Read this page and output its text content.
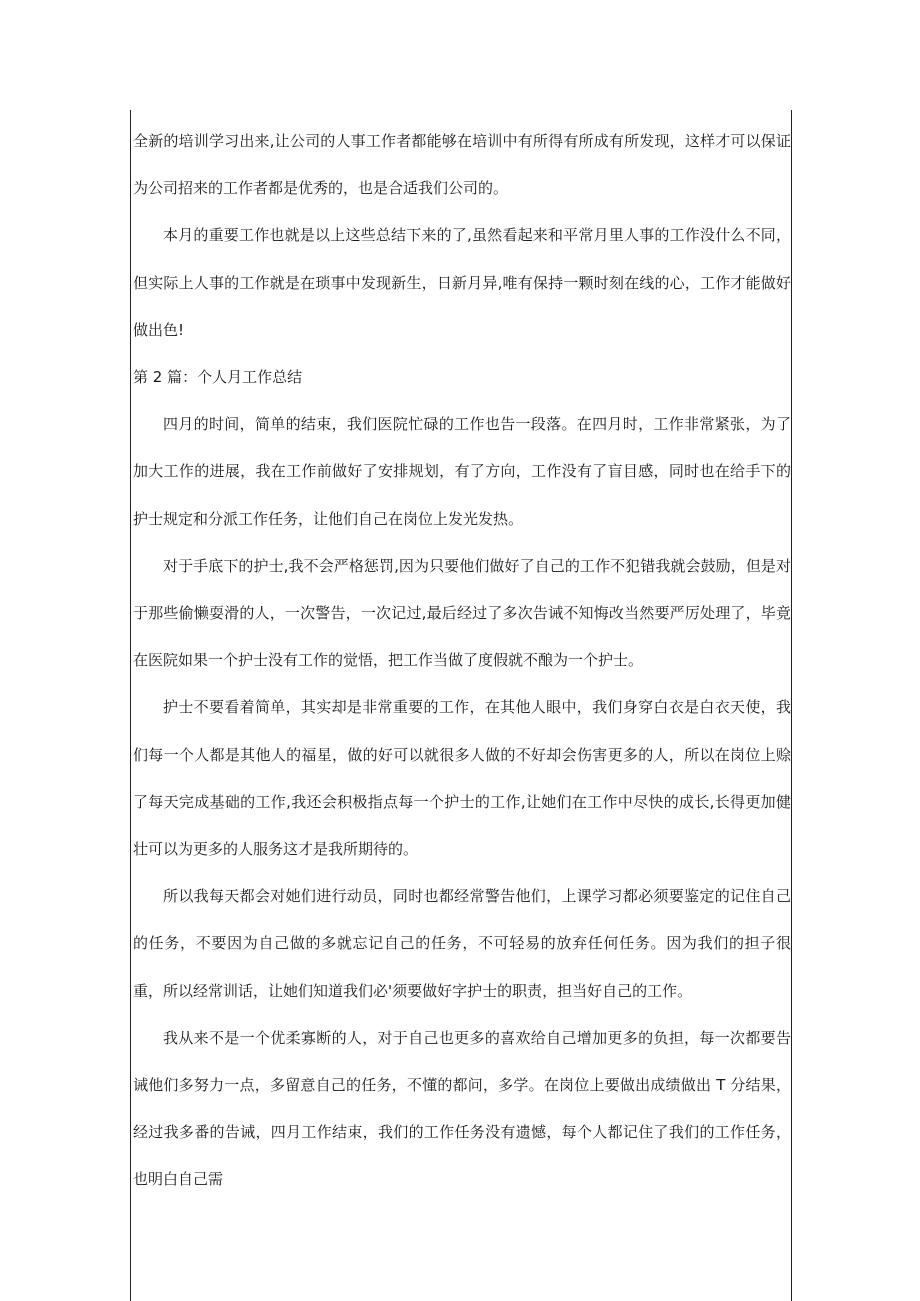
全新的培训学习出来,让公司的人事工作者都能够在培训中有所得有所成有所发现，这样才可以保证为公司招来的工作者都是优秀的，也是合适我们公司的。

本月的重要工作也就是以上这些总结下来的了,虽然看起来和平常月里人事的工作没什么不同，但实际上人事的工作就是在琐事中发现新生，日新月异,唯有保持一颗时刻在线的心，工作才能做好做出色!

第 2 篇：个人月工作总结

四月的时间，简单的结束，我们医院忙碌的工作也告一段落。在四月时，工作非常紧张，为了加大工作的进展，我在工作前做好了安排规划，有了方向，工作没有了盲目感，同时也在给手下的护士规定和分派工作任务，让他们自己在岗位上发光发热。

对于手底下的护士,我不会严格惩罚,因为只要他们做好了自己的工作不犯错我就会鼓励，但是对于那些偷懒耍滑的人，一次警告，一次记过,最后经过了多次告诫不知悔改当然要严厉处理了，毕竟在医院如果一个护士没有工作的觉悟，把工作当做了度假就不酿为一个护士。

护士不要看着简单，其实却是非常重要的工作，在其他人眼中，我们身穿白衣是白衣天使，我们每一个人都是其他人的福星，做的好可以就很多人做的不好却会伤害更多的人，所以在岗位上赊了每天完成基础的工作,我还会积极指点每一个护士的工作,让她们在工作中尽快的成长,长得更加健壮可以为更多的人服务这才是我所期待的。

所以我每天都会对她们进行动员，同时也都经常警告他们，上课学习都必须要鉴定的记住自己的任务，不要因为自己做的多就忘记自己的任务，不可轻易的放弃任何任务。因为我们的担子很重，所以经常训话，让她们知道我们必'须要做好字护士的职责，担当好自己的工作。

我从来不是一个优柔寡断的人，对于自己也更多的喜欢给自己增加更多的负担，每一次都要告诫他们多努力一点，多留意自己的任务，不懂的都问，多学。在岗位上要做出成绩做出 T 分结果，经过我多番的告诫，四月工作结束，我们的工作任务没有遗憾，每个人都记住了我们的工作任务，也明白自己需
